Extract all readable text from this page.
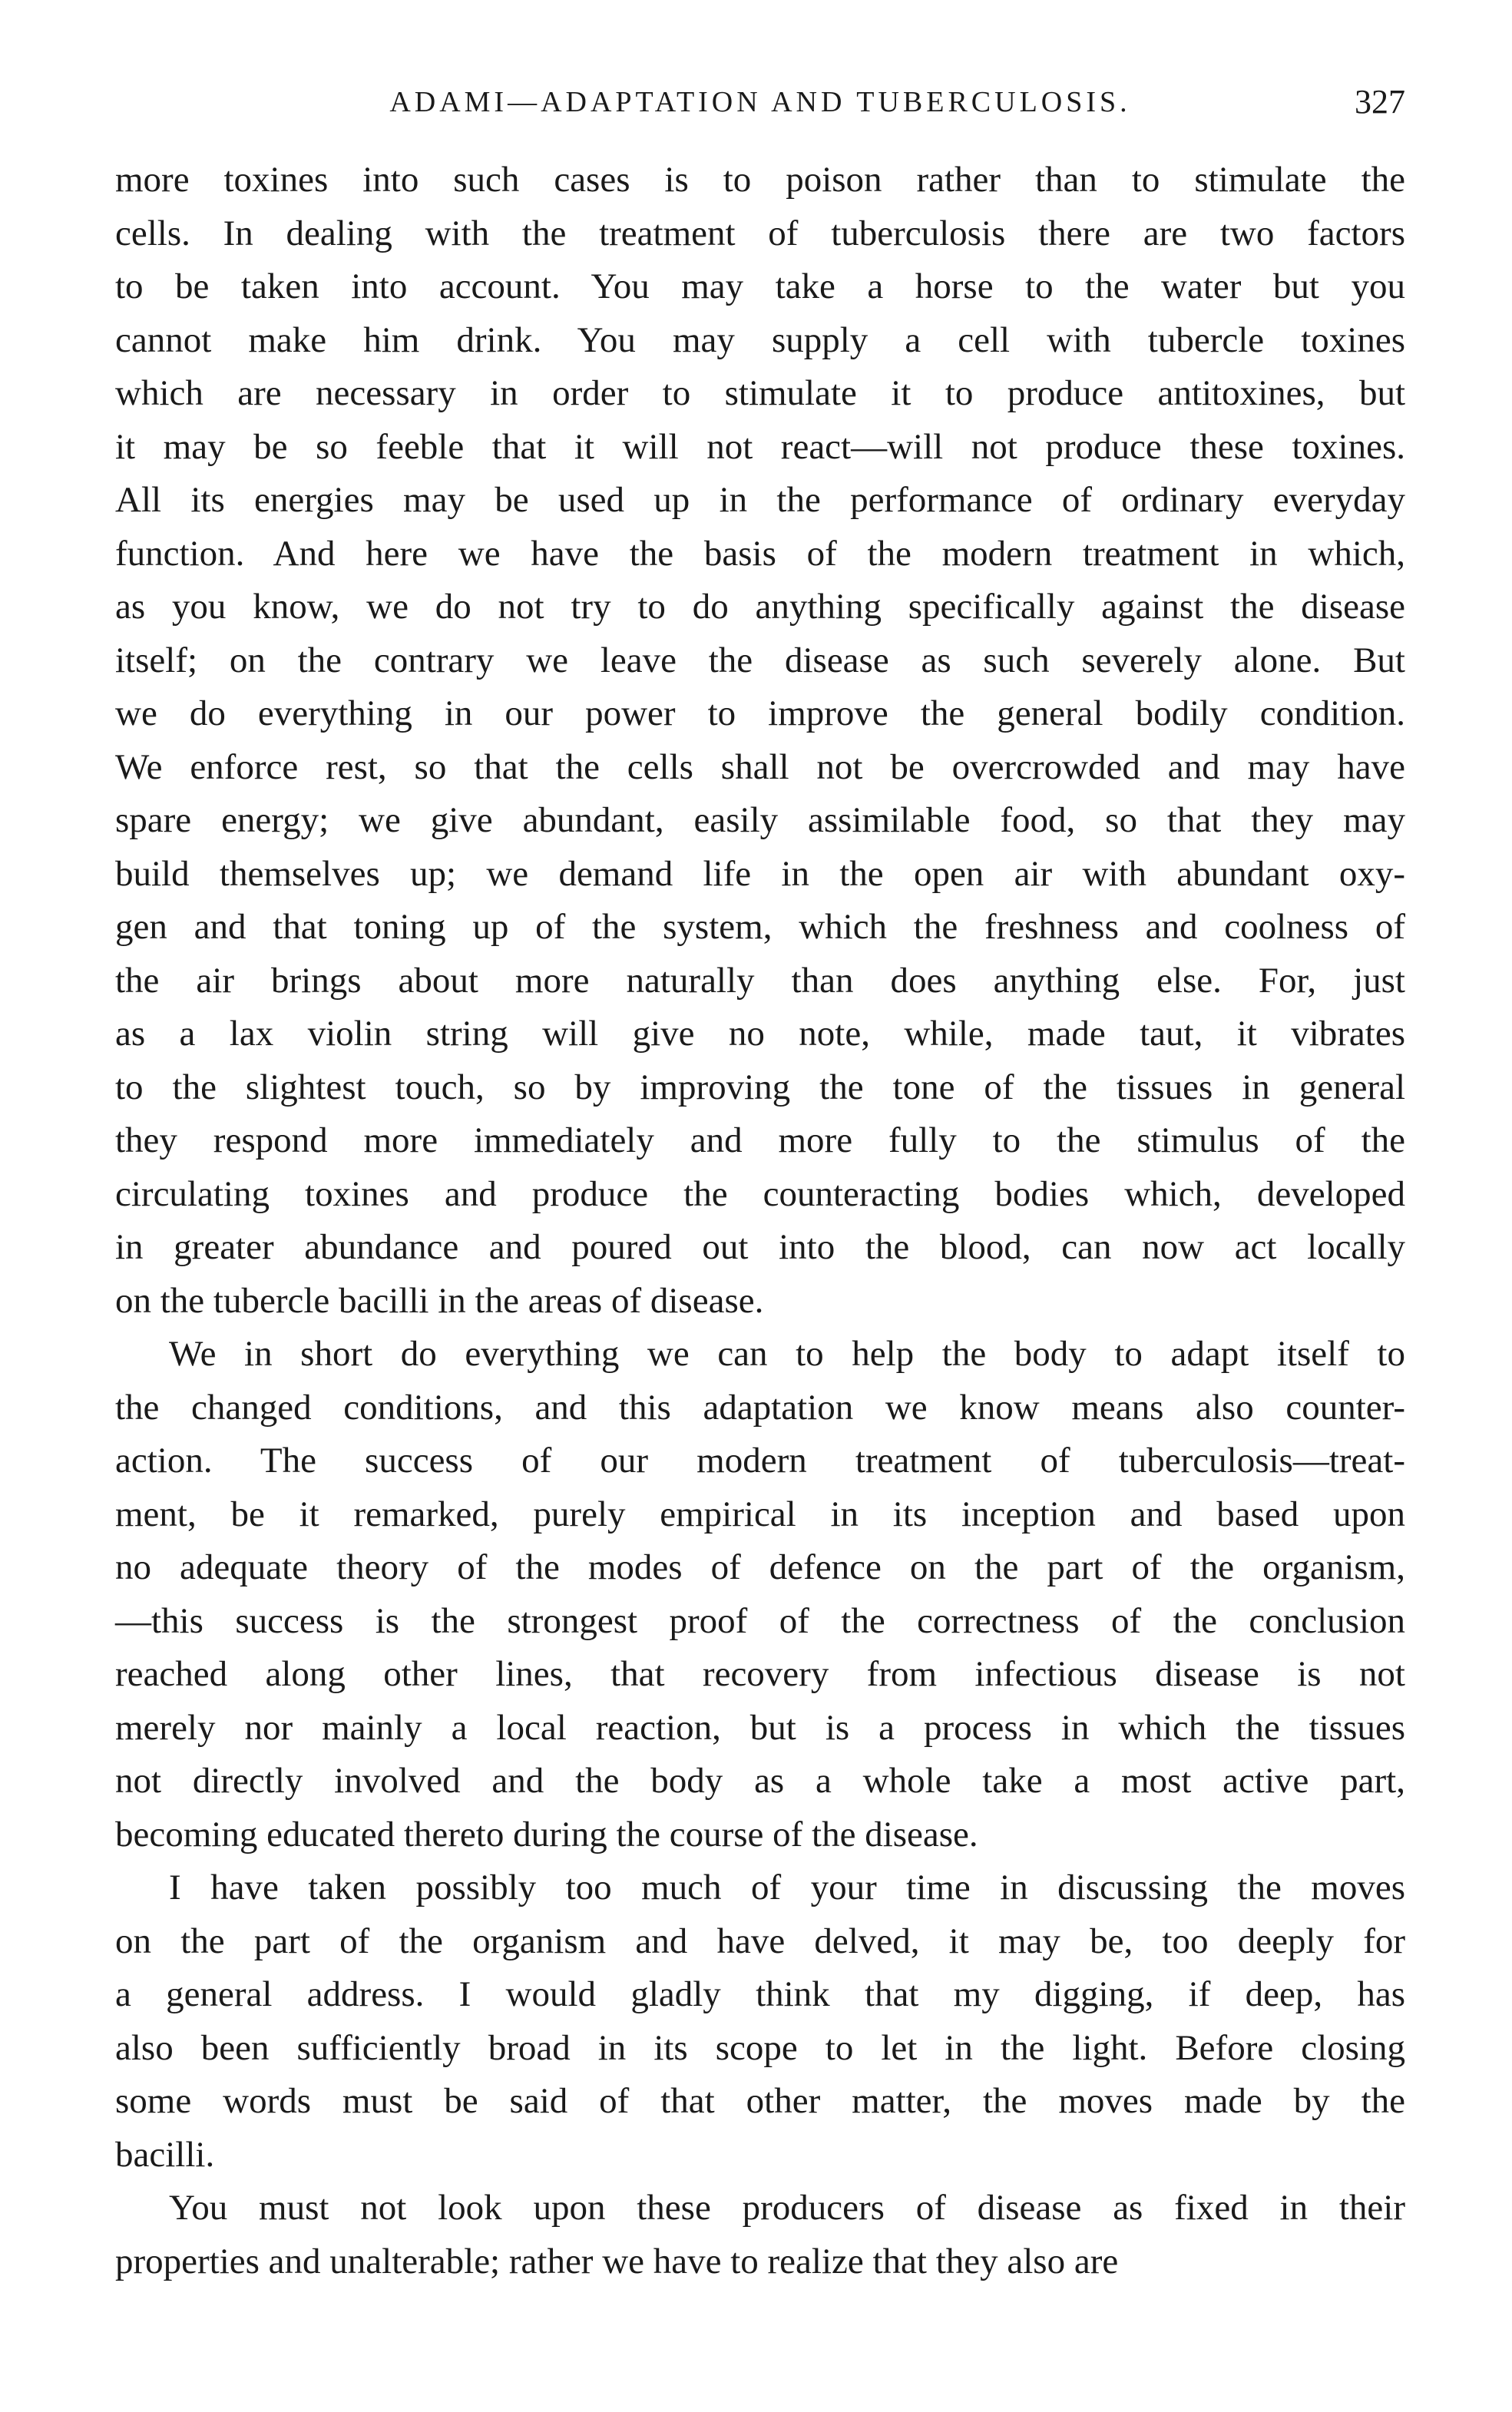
ADAMI—ADAPTATION AND TUBERCULOSIS.	327
more toxines into such cases is to poison rather than to stimulate the
cells. In dealing with the treatment of tuberculosis there are two factors
to be taken into account. You may take a horse to the water but you
cannot make him drink. You may supply a cell with tubercle toxines
which are necessary in order to stimulate it to produce antitoxines, but
it may be so feeble that it will not react—will not produce these toxines.
All its energies may be used up in the performance of ordinary everyday
function. And here we have the basis of the modern treatment in which,
as you know, we do not try to do anything specifically against the disease
itself; on the contrary we leave the disease as such severely alone. But
we do everything in our power to improve the general bodily condition.
We enforce rest, so that the cells shall not be overcrowded and may have
spare energy; we give abundant, easily assimilable food, so that they may
build themselves up; we demand life in the open air with abundant oxy-
gen and that toning up of the system, which the freshness and coolness of
the air brings about more naturally than does anything else. For, just
as a lax violin string will give no note, while, made taut, it vibrates
to the slightest touch, so by improving the tone of the tissues in general
they respond more immediately and more fully to the stimulus of the
circulating toxines and produce the counteracting bodies which, developed
in greater abundance and poured out into the blood, can now act locally
on the tubercle bacilli in the areas of disease.
We in short do everything we can to help the body to adapt itself to
the changed conditions, and this adaptation we know means also counter-
action. The success of our modern treatment of tuberculosis—treat-
ment, be it remarked, purely empirical in its inception and based upon
no adequate theory of the modes of defence on the part of the organism,
—this success is the strongest proof of the correctness of the conclusion
reached along other lines, that recovery from infectious disease is not
merely nor mainly a local reaction, but is a process in which the tissues
not directly involved and the body as a whole take a most active part,
becoming educated thereto during the course of the disease.
I have taken possibly too much of your time in discussing the moves
on the part of the organism and have delved, it may be, too deeply for
a general address. I would gladly think that my digging, if deep, has
also been sufficiently broad in its scope to let in the light. Before closing
some words must be said of that other matter, the moves made by the
bacilli.
You must not look upon these producers of disease as fixed in their
properties and unalterable; rather we have to realize that they also are
